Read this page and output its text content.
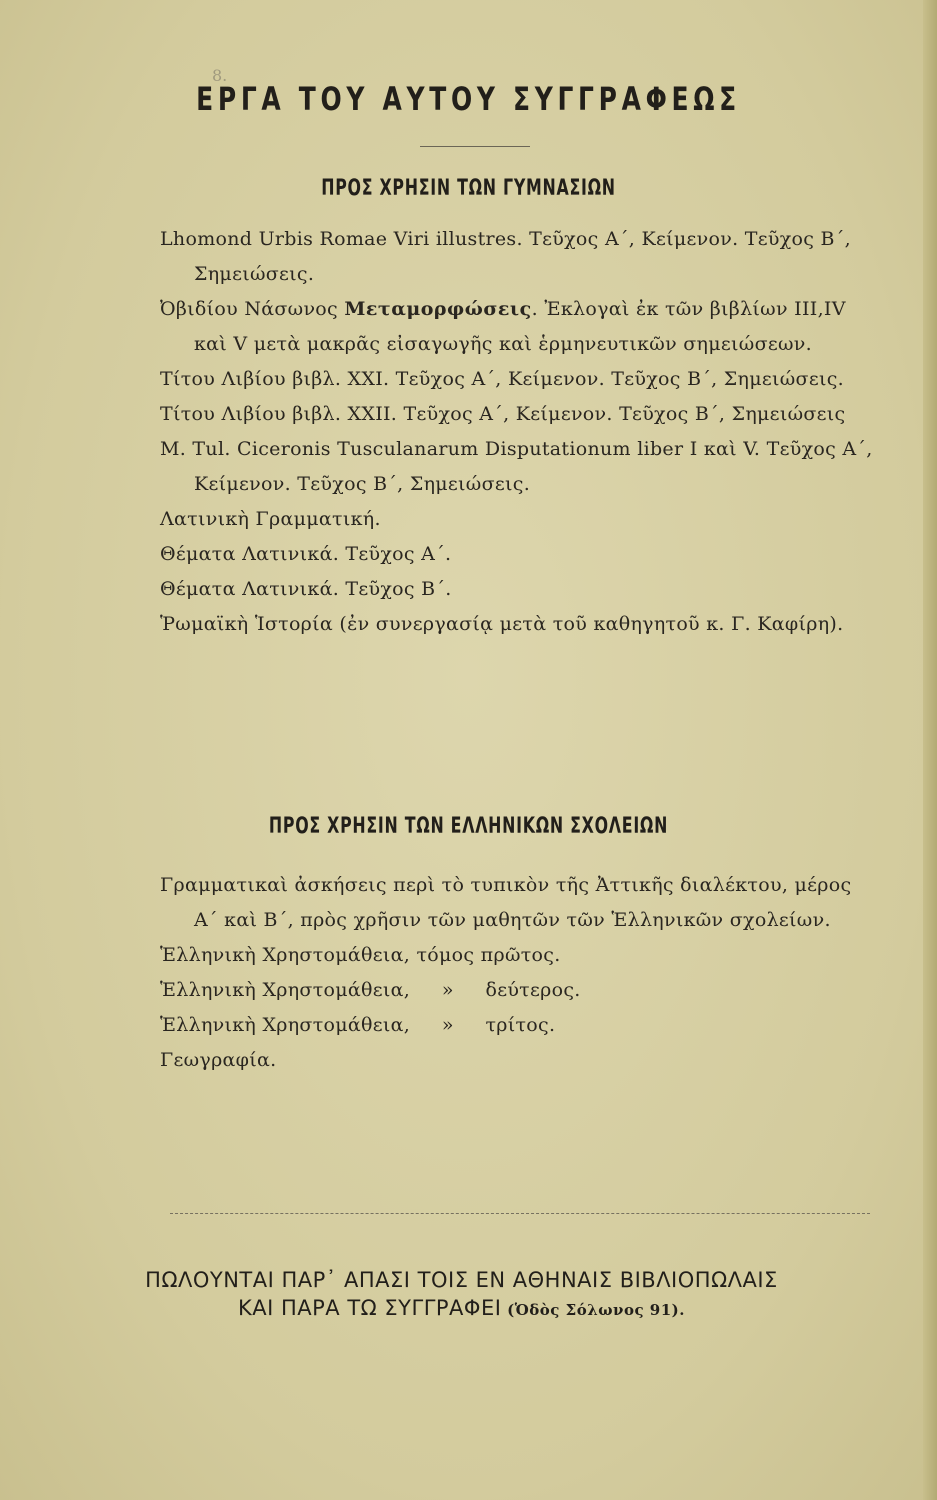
8.
ΕΡΓΑ ΤΟΥ ΑΥΤΟΥ ΣΥΓΓΡΑΦΕΩΣ
ΠΡΟΣ ΧΡΗΣΙΝ ΤΩΝ ΓΥΜΝΑΣΙΩΝ
Lhomond Urbis Romae Viri illustres. Τεῦχος Α΄, Κείμενον. Τεῦχος Β΄, Σημειώσεις.
Ὀβιδίου Νάσωνος Μεταμορφώσεις. Ἐκλογαὶ ἐκ τῶν βιβλίων ΙΙΙ,ΙV καὶ V μετὰ μακρᾶς εἰσαγωγῆς καὶ ἑρμηνευτικῶν σημειώσεων.
Τίτου Λιβίου βιβλ. ΧΧΙ. Τεῦχος Α΄, Κείμενον. Τεῦχος Β΄, Σημειώσεις.
Τίτου Λιβίου βιβλ. ΧΧΙΙ. Τεῦχος Α΄, Κείμενον. Τεῦχος Β΄, Σημειώσεις
M. Tul. Ciceronis Tusculanarum Disputationum liber I καὶ V. Τεῦχος Α΄, Κείμενον. Τεῦχος Β΄, Σημειώσεις.
Λατινικὴ Γραμματική.
Θέματα Λατινικά. Τεῦχος Α΄.
Θέματα Λατινικά. Τεῦχος Β΄.
Ῥωμαϊκὴ Ἱστορία (ἐν συνεργασίᾳ μετὰ τοῦ καθηγητοῦ κ. Γ. Καφίρη).
ΠΡΟΣ ΧΡΗΣΙΝ ΤΩΝ ΕΛΛΗΝΙΚΩΝ ΣΧΟΛΕΙΩΝ
Γραμματικαὶ ἀσκήσεις περὶ τὸ τυπικὸν τῆς Ἀττικῆς διαλέκτου, μέρος Α΄ καὶ Β΄, πρὸς χρῆσιν τῶν μαθητῶν τῶν Ἑλληνικῶν σχολείων.
Ἑλληνικὴ Χρηστομάθεια, τόμος πρῶτος.
Ἑλληνικὴ Χρηστομάθεια,     »     δεύτερος.
Ἑλληνικὴ Χρηστομάθεια,     »     τρίτος.
Γεωγραφία.
ΠΩΛΟΥΝΤΑΙ ΠΑΡ᾽ ΑΠΑΣΙ ΤΟΙΣ ΕΝ ΑΘΗΝΑΙΣ ΒΙΒΛΙΟΠΩΛΑΙΣ
ΚΑΙ ΠΑΡΑ ΤΩ ΣΥΓΓΡΑΦΕΙ (Ὁδὸς Σόλωνος 91).
